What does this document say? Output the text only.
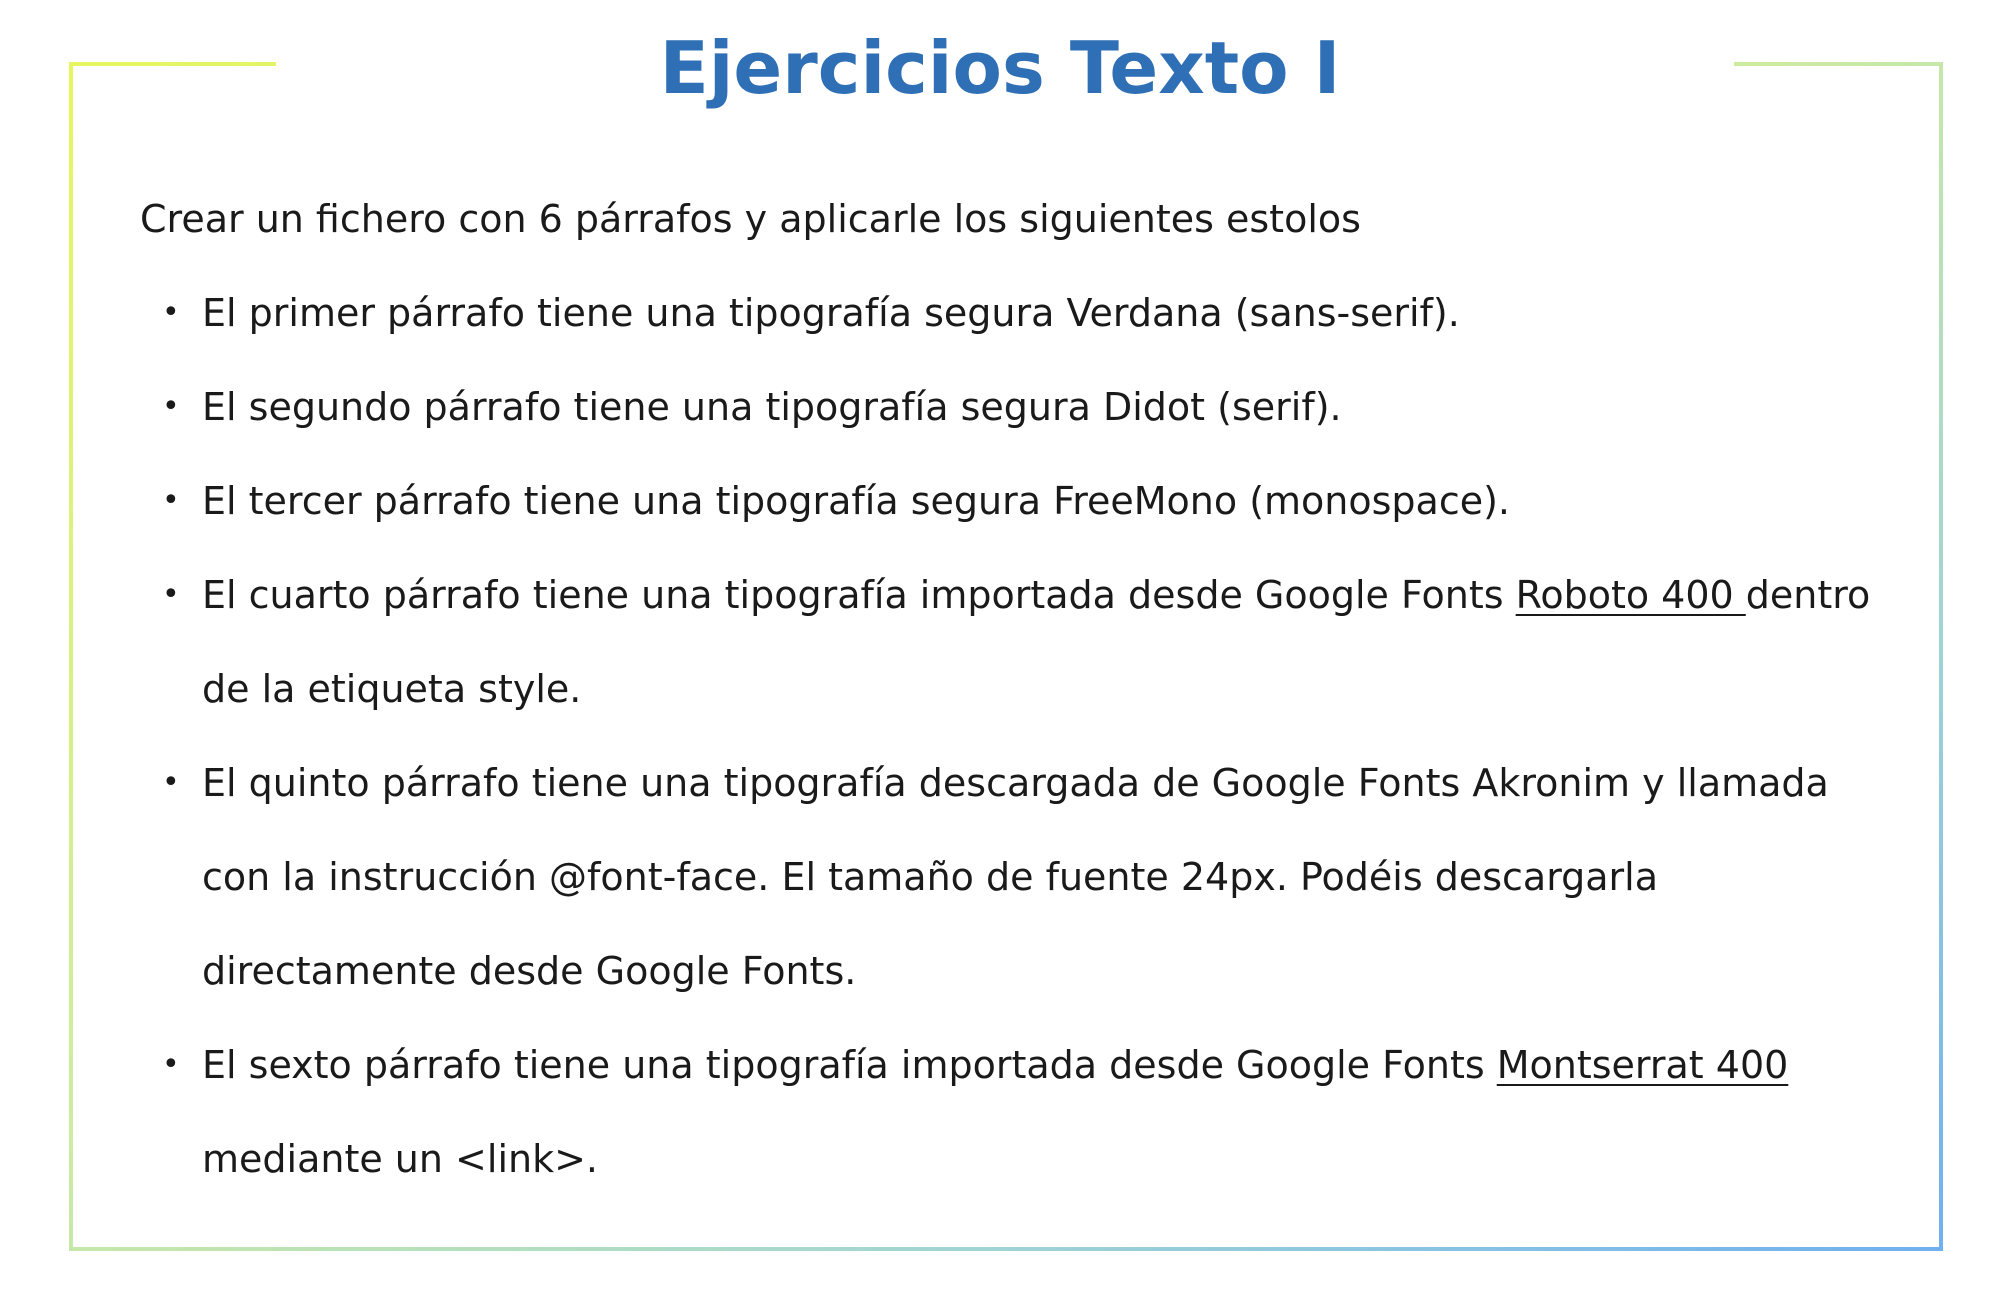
Ejercicios Texto I

Crear un fichero con 6 párrafos y aplicarle los siguientes estolos

• El primer párrafo tiene una tipografía segura Verdana (sans-serif).
• El segundo párrafo tiene una tipografía segura Didot (serif).
• El tercer párrafo tiene una tipografía segura FreeMono (monospace).
• El cuarto párrafo tiene una tipografía importada desde Google Fonts Roboto 400 dentro de la etiqueta style.
• El quinto párrafo tiene una tipografía descargada de Google Fonts Akronim y llamada con la instrucción @font-face. El tamaño de fuente 24px. Podéis descargarla directamente desde Google Fonts.
• El sexto párrafo tiene una tipografía importada desde Google Fonts Montserrat 400 mediante un <link>.
